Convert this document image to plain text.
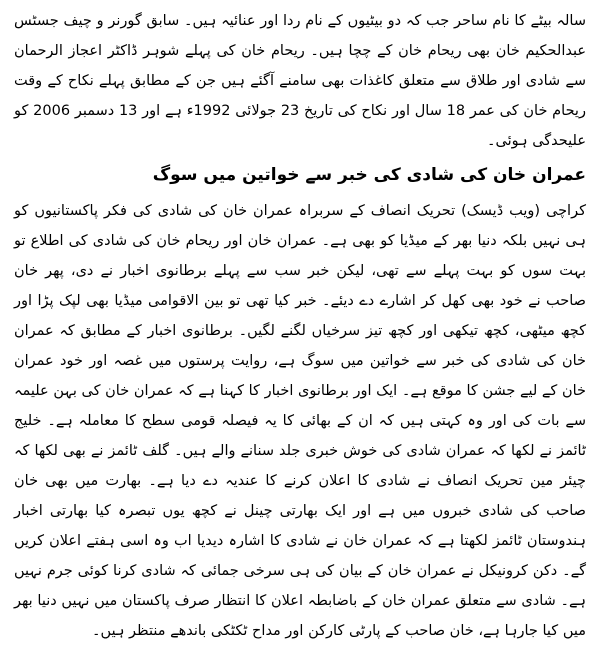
سالہ بیٹے کا نام ساحر جب کہ دو بیٹیوں کے نام ردا اور عنائیہ ہیں۔ سابق گورنر و چیف جسٹس عبدالحکیم خان بھی ریحام خان کے چچا ہیں۔ ریحام خان کی پہلے شوہر ڈاکٹر اعجاز الرحمان سے شادی اور طلاق سے متعلق کاغذات بھی سامنے آگئے ہیں جن کے مطابق پہلے نکاح کے وقت ریحام خان کی عمر 18 سال اور نکاح کی تاریخ 23 جولائی 1992ء ہے اور 13 دسمبر 2006 کو علیحدگی ہوئی۔

عمران خان کی شادی کی خبر سے خواتین میں سوگ

کراچی (ویب ڈیسک) تحریک انصاف کے سربراہ عمران خان کی شادی کی فکر پاکستانیوں کو ہی نہیں بلکہ دنیا بھر کے میڈیا کو بھی ہے۔ عمران خان اور ریحام خان کی شادی کی اطلاع تو بہت سوں کو بہت پہلے سے تھی، لیکن خبر سب سے پہلے برطانوی اخبار نے دی، پھر خان صاحب نے خود بھی کھل کر اشارے دے دیئے۔ خبر کیا تھی تو بین الاقوامی میڈیا بھی لپک پڑا اور کچھ میٹھی، کچھ تیکھی اور کچھ تیز سرخیاں لگنے لگیں۔ برطانوی اخبار کے مطابق کہ عمران خان کی شادی کی خبر سے خواتین میں سوگ ہے، روایت پرستوں میں غصہ اور خود عمران خان کے لیے جشن کا موقع ہے۔ ایک اور برطانوی اخبار کا کہنا ہے کہ عمران خان کی بہن علیمہ سے بات کی اور وہ کہتی ہیں کہ ان کے بھائی کا یہ فیصلہ قومی سطح کا معاملہ ہے۔ خلیج ٹائمز نے لکھا کہ عمران شادی کی خوش خبری جلد سنانے والے ہیں۔ گلف ٹائمز نے بھی لکھا کہ چیئر مین تحریک انصاف نے شادی کا اعلان کرنے کا عندیہ دے دیا ہے۔ بھارت میں بھی خان صاحب کی شادی خبروں میں ہے اور ایک بھارتی چینل نے کچھ یوں تبصرہ کیا بھارتی اخبار ہندوستان ٹائمز لکھتا ہے کہ عمران خان نے شادی کا اشارہ دیدیا اب وہ اسی ہفتے اعلان کریں گے۔ دکن کرونیکل نے عمران خان کے بیان کی ہی سرخی جمائی کہ شادی کرنا کوئی جرم نہیں ہے۔ شادی سے متعلق عمران خان کے باضابطہ اعلان کا انتظار صرف پاکستان میں نہیں دنیا بھر میں کیا جارہا ہے، خان صاحب کے پارٹی کارکن اور مداح ٹکٹکی باندھے منتظر ہیں۔
